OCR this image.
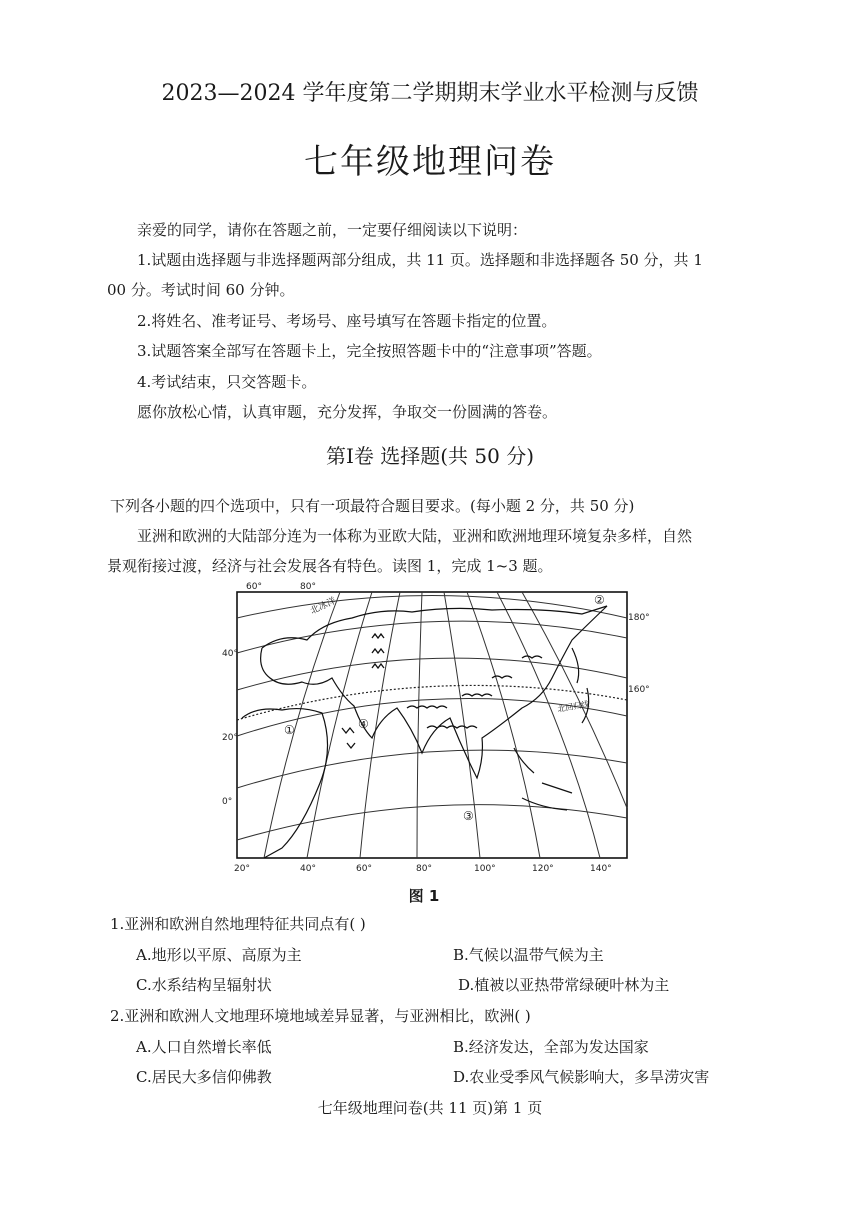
2023—2024 学年度第二学期期末学业水平检测与反馈
七年级地理问卷
亲爱的同学，请你在答题之前，一定要仔细阅读以下说明：
1.试题由选择题与非选择题两部分组成，共 11 页。选择题和非选择题各 50 分，共 1
00 分。考试时间 60 分钟。
2.将姓名、准考证号、考场号、座号填写在答题卡指定的位置。
3.试题答案全部写在答题卡上，完全按照答题卡中的“注意事项”答题。
4.考试结束，只交答题卡。
愿你放松心情，认真审题，充分发挥，争取交一份圆满的答卷。
第Ⅰ卷 选择题(共 50 分)
下列各小题的四个选项中，只有一项最符合题目要求。(每小题 2 分，共 50 分)
亚洲和欧洲的大陆部分连为一体称为亚欧大陆，亚洲和欧洲地理环境复杂多样，自然
景观衔接过渡，经济与社会发展各有特色。读图 1，完成 1~3 题。
60°	80°
20°	40°	60°	80°	100°	120°	140°
40°
20°
0°
180°
160°
北冰洋
北回归线
①
②
③
④
图 1
1.亚洲和欧洲自然地理特征共同点有( )
A.地形以平原、高原为主	B.气候以温带气候为主
C.水系结构呈辐射状	D.植被以亚热带常绿硬叶林为主
2.亚洲和欧洲人文地理环境地域差异显著，与亚洲相比，欧洲( )
A.人口自然增长率低	B.经济发达，全部为发达国家
C.居民大多信仰佛教	D.农业受季风气候影响大，多旱涝灾害
七年级地理问卷(共 11 页)第 1 页
